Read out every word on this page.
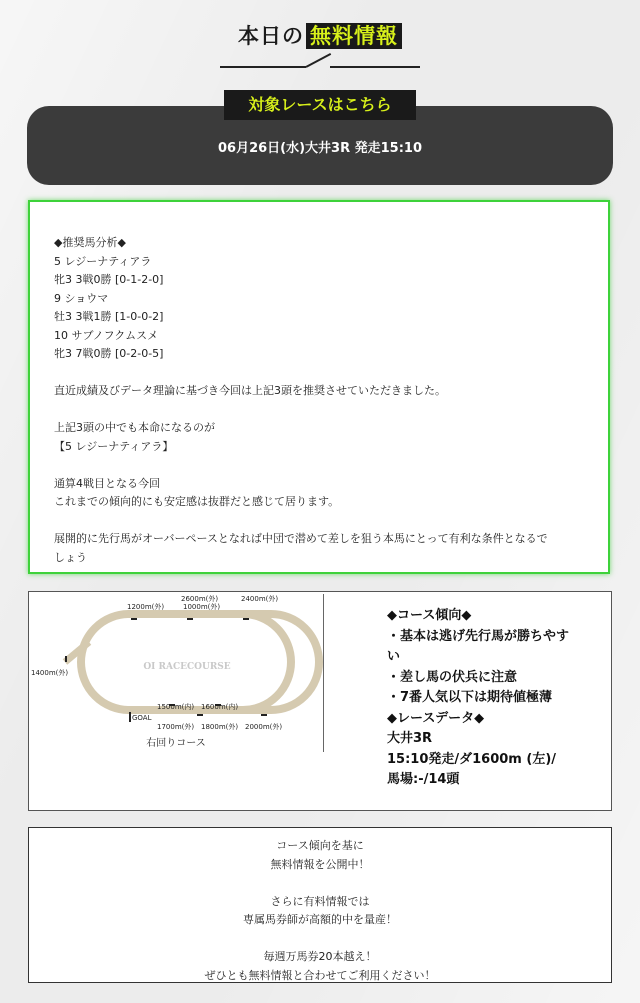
本日の 無料情報
対象レースはこちら
06月26日(水)大井3R 発走15:10
◆推奨馬分析◆
5 レジーナティアラ
牝3 3戦0勝 [0-1-2-0]
9 ショウマ
牡3 3戦1勝 [1-0-0-2]
10 サブノフクムスメ
牝3 7戦0勝 [0-2-0-5]
直近成績及びデータ理論に基づき今回は上記3頭を推奨させていただきました。
上記3頭の中でも本命になるのが
【5 レジーナティアラ】
通算4戦目となる今回
これまでの傾向的にも安定感は抜群だと感じて居ります。
展開的に先行馬がオーバーペースとなれば中団で潜めて差しを狙う本馬にとって有利な条件となるで
しょう
2600m(外)
1000m(外)
2400m(外)
1200m(外)
1400m(外)
1500m(内) 1600m(内)
1700m(外) 1800m(外) 2000m(外)
GOAL
OI RACECOURSE
右回りコース
◆コース傾向◆
・基本は逃げ先行馬が勝ちやす
い
・差し馬の伏兵に注意
・7番人気以下は期待値極薄
◆レースデータ◆
大井3R
15:10発走/ダ1600m (左)/
馬場:-/14頭
コース傾向を基に
無料情報を公開中！
さらに有料情報では
専属馬券師が高額的中を量産！
毎週万馬券20本越え！
ぜひとも無料情報と合わせてご利用ください！
